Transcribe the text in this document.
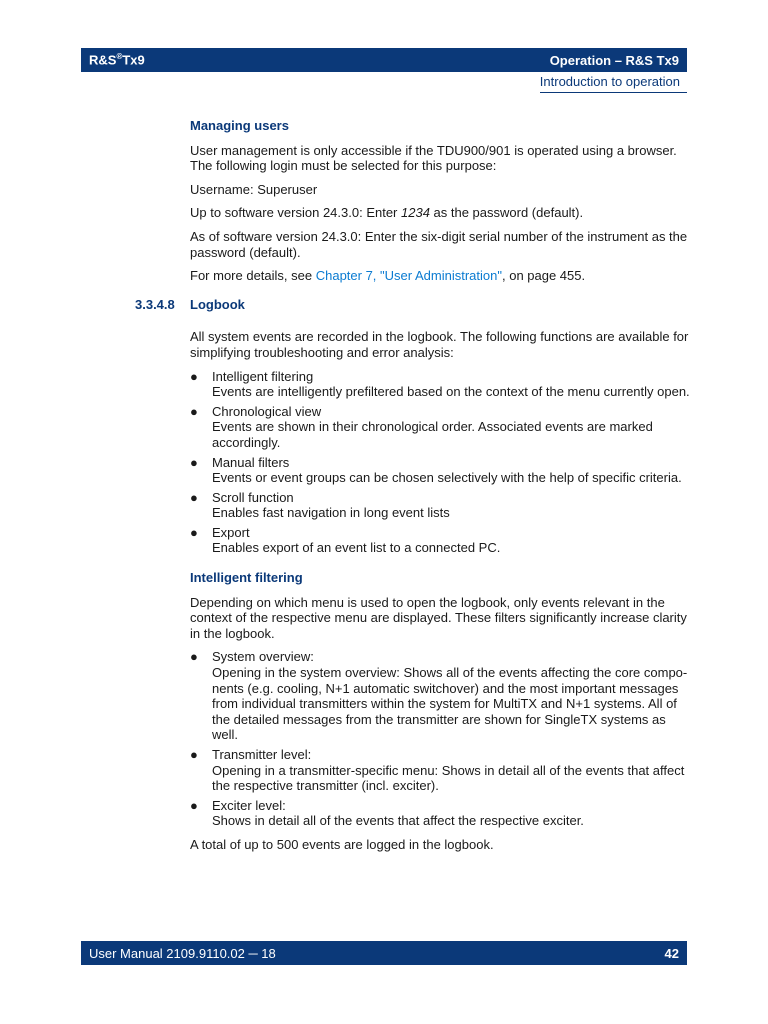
R&S®Tx9	Operation – R&S Tx9
Introduction to operation
Managing users

User management is only accessible if the TDU900/901 is operated using a browser. The following login must be selected for this purpose:

Username: Superuser

Up to software version 24.3.0: Enter 1234 as the password (default).

As of software version 24.3.0: Enter the six-digit serial number of the instrument as the password (default).

For more details, see Chapter 7, "User Administration", on page 455.

3.3.4.8 Logbook

All system events are recorded in the logbook. The following functions are available for simplifying troubleshooting and error analysis:

● Intelligent filtering
Events are intelligently prefiltered based on the context of the menu currently open.
● Chronological view
Events are shown in their chronological order. Associated events are marked accordingly.
● Manual filters
Events or event groups can be chosen selectively with the help of specific criteria.
● Scroll function
Enables fast navigation in long event lists
● Export
Enables export of an event list to a connected PC.
Intelligent filtering

Depending on which menu is used to open the logbook, only events relevant in the context of the respective menu are displayed. These filters significantly increase clarity in the logbook.

● System overview:
Opening in the system overview: Shows all of the events affecting the core compo- nents (e.g. cooling, N+1 automatic switchover) and the most important messages from individual transmitters within the system for MultiTX and N+1 systems. All of the detailed messages from the transmitter are shown for SingleTX systems as well.
● Transmitter level:
Opening in a transmitter-specific menu: Shows in detail all of the events that affect the respective transmitter (incl. exciter).
● Exciter level:
Shows in detail all of the events that affect the respective exciter.

A total of up to 500 events are logged in the logbook.

User Manual 2109.9110.02 ─ 18	42
